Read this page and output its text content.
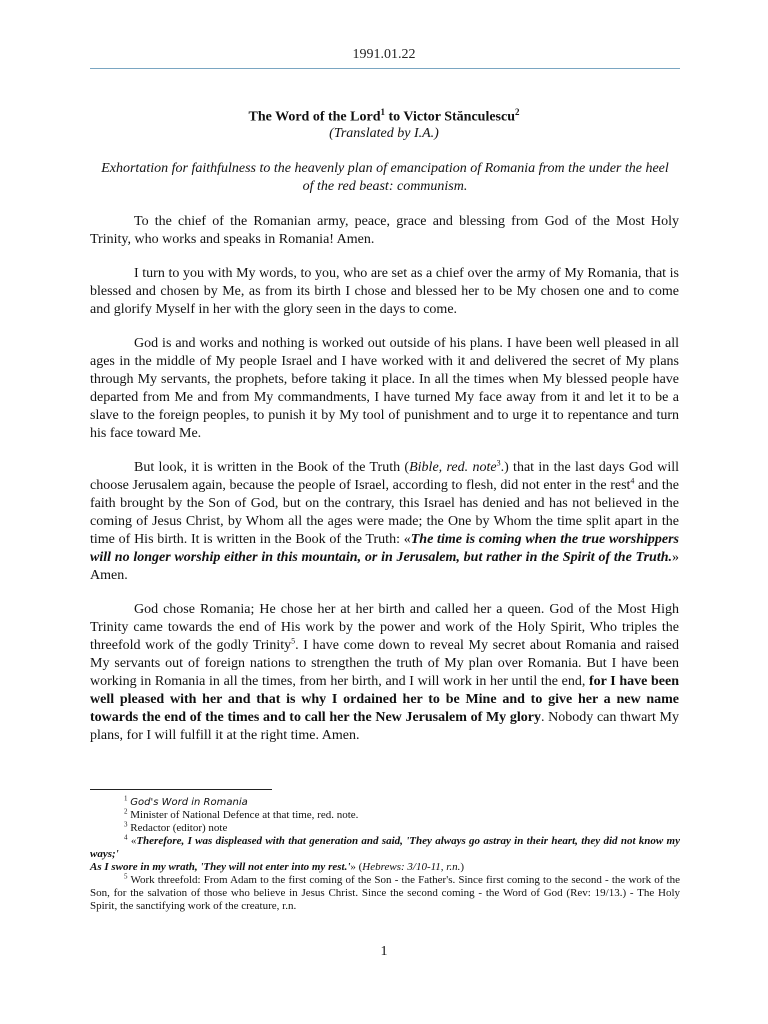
1991.01.22
The Word of the Lord$^1$ to Victor Stănculescu$^2$
(Translated by I.A.)
Exhortation for faithfulness to the heavenly plan of emancipation of Romania from the under the heel of the red beast: communism.

To the chief of the Romanian army, peace, grace and blessing from God of the Most Holy Trinity, who works and speaks in Romania! Amen.

I turn to you with My words, to you, who are set as a chief over the army of My Romania, that is blessed and chosen by Me, as from its birth I chose and blessed her to be My chosen one and to come and glorify Myself in her with the glory seen in the days to come.

God is and works and nothing is worked out outside of his plans. I have been well pleased in all ages in the middle of My people Israel and I have worked with it and delivered the secret of My plans through My servants, the prophets, before taking it place. In all the times when My blessed people have departed from Me and from My commandments, I have turned My face away from it and let it to be a slave to the foreign peoples, to punish it by My tool of punishment and to urge it to repentance and turn his face toward Me.

But look, it is written in the Book of the Truth (Bible, red. note$^3$.) that in the last days God will choose Jerusalem again, because the people of Israel, according to flesh, did not enter in the rest$^4$ and the faith brought by the Son of God, but on the contrary, this Israel has denied and has not believed in the coming of Jesus Christ, by Whom all the ages were made; the One by Whom the time split apart in the time of His birth. It is written in the Book of the Truth: «The time is coming when the true worshippers will no longer worship either in this mountain, or in Jerusalem, but rather in the Spirit of the Truth.» Amen.

God chose Romania; He chose her at her birth and called her a queen. God of the Most High Trinity came towards the end of His work by the power and work of the Holy Spirit, Who triples the threefold work of the godly Trinity$^5$. I have come down to reveal My secret about Romania and raised My servants out of foreign nations to strengthen the truth of My plan over Romania. But I have been working in Romania in all the times, from her birth, and I will work in her until the end, for I have been well pleased with her and that is why I ordained her to be Mine and to give her a new name towards the end of the times and to call her the New Jerusalem of My glory. Nobody can thwart My plans, for I will fulfill it at the right time. Amen.

$^1$ God's Word in Romania

$^2$ Minister of National Defence at that time, red. note.

$^3$ Redactor (editor) note

$^4$ «Therefore, I was displeased with that generation and said, 'They always go astray in their heart, they did not know my ways;'
As I swore in my wrath, 'They will not enter into my rest.'» (Hebrews: 3/10-11, r.n.)

$^5$ Work threefold: From Adam to the first coming of the Son - the Father's. Since first coming to the second - the work of the Son, for the salvation of those who believe in Jesus Christ. Since the second coming - the Word of God (Rev: 19/13.) - The Holy Spirit, the sanctifying work of the creature, r.n.

1
